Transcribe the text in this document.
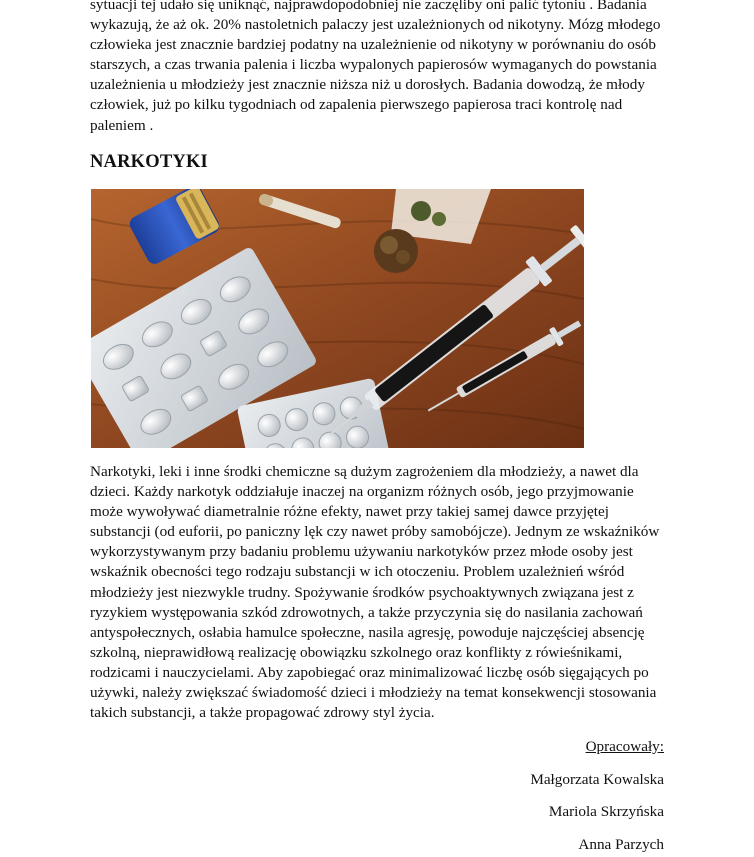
sytuacji tej udało się uniknąć, najprawdopodobniej nie zaczęliby oni palić tytoniu . Badania
wykazują, że aż ok. 20% nastoletnich palaczy jest uzależnionych od nikotyny. Mózg młodego
człowieka jest znacznie bardziej podatny na uzależnienie od nikotyny w porównaniu do osób
starszych, a czas trwania palenia i liczba wypalonych papierosów wymaganych do powstania
uzależnienia u młodzieży jest znacznie niższa niż u dorosłych. Badania dowodzą, że młody
człowiek, już po kilku tygodniach od zapalenia pierwszego papierosa traci kontrolę nad
paleniem .
NARKOTYKI
Narkotyki, leki i inne środki chemiczne są dużym zagrożeniem dla młodzieży, a nawet dla
dzieci. Każdy narkotyk oddziałuje inaczej na organizm różnych osób, jego przyjmowanie
może wywoływać diametralnie różne efekty, nawet przy takiej samej dawce przyjętej
substancji (od euforii, po paniczny lęk czy nawet próby samobójcze). Jednym ze wskaźników
wykorzystywanym przy badaniu problemu używaniu narkotyków przez młode osoby jest
wskaźnik obecności tego rodzaju substancji w ich otoczeniu. Problem uzależnień wśród
młodzieży jest niezwykle trudny. Spożywanie środków psychoaktywnych związana jest z
ryzykiem występowania szkód zdrowotnych, a także przyczynia się do nasilania zachowań
antyspołecznych, osłabia hamulce społeczne, nasila agresję, powoduje najczęściej absencję
szkolną, nieprawidłową realizację obowiązku szkolnego oraz konflikty z rówieśnikami,
rodzicami i nauczycielami. Aby zapobiegać oraz minimalizować liczbę osób sięgających po
używki, należy zwiększać świadomość dzieci i młodzieży na temat konsekwencji stosowania
takich substancji, a także propagować zdrowy styl życia.
Opracowały:
Małgorzata Kowalska
Mariola Skrzyńska
Anna Parzych
